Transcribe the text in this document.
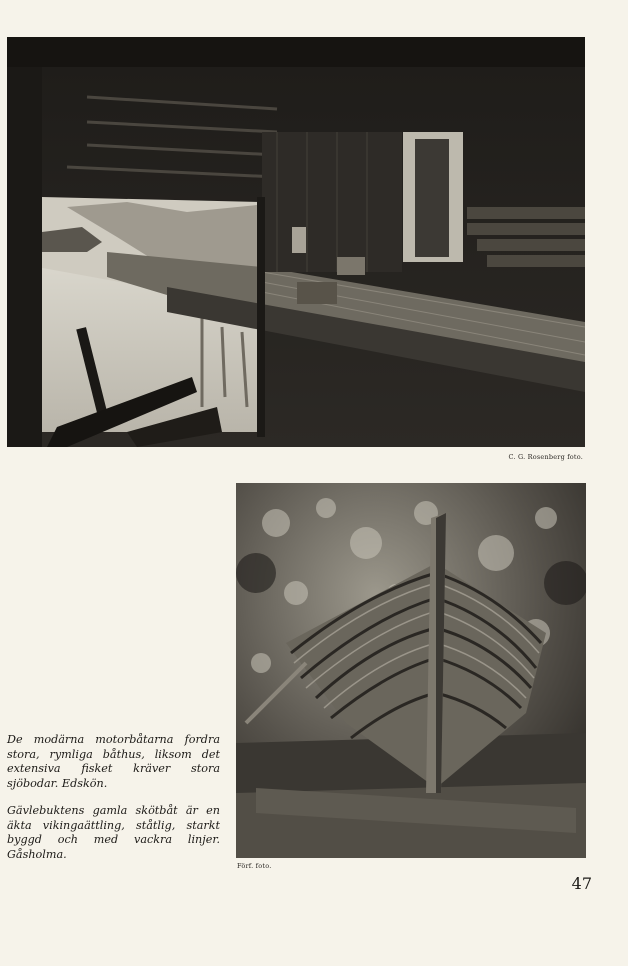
C. G. Rosenberg foto.
Förf. foto.

De modärna motorbåtarna fordra stora, rymliga båthus, liksom det extensiva fisket kräver stora sjöbodar. Edskön.

Gävlebuktens gamla skötbåt är en äkta vikingaättling, ståtlig, starkt byggd och med vackra linjer. Gåsholma.

47
